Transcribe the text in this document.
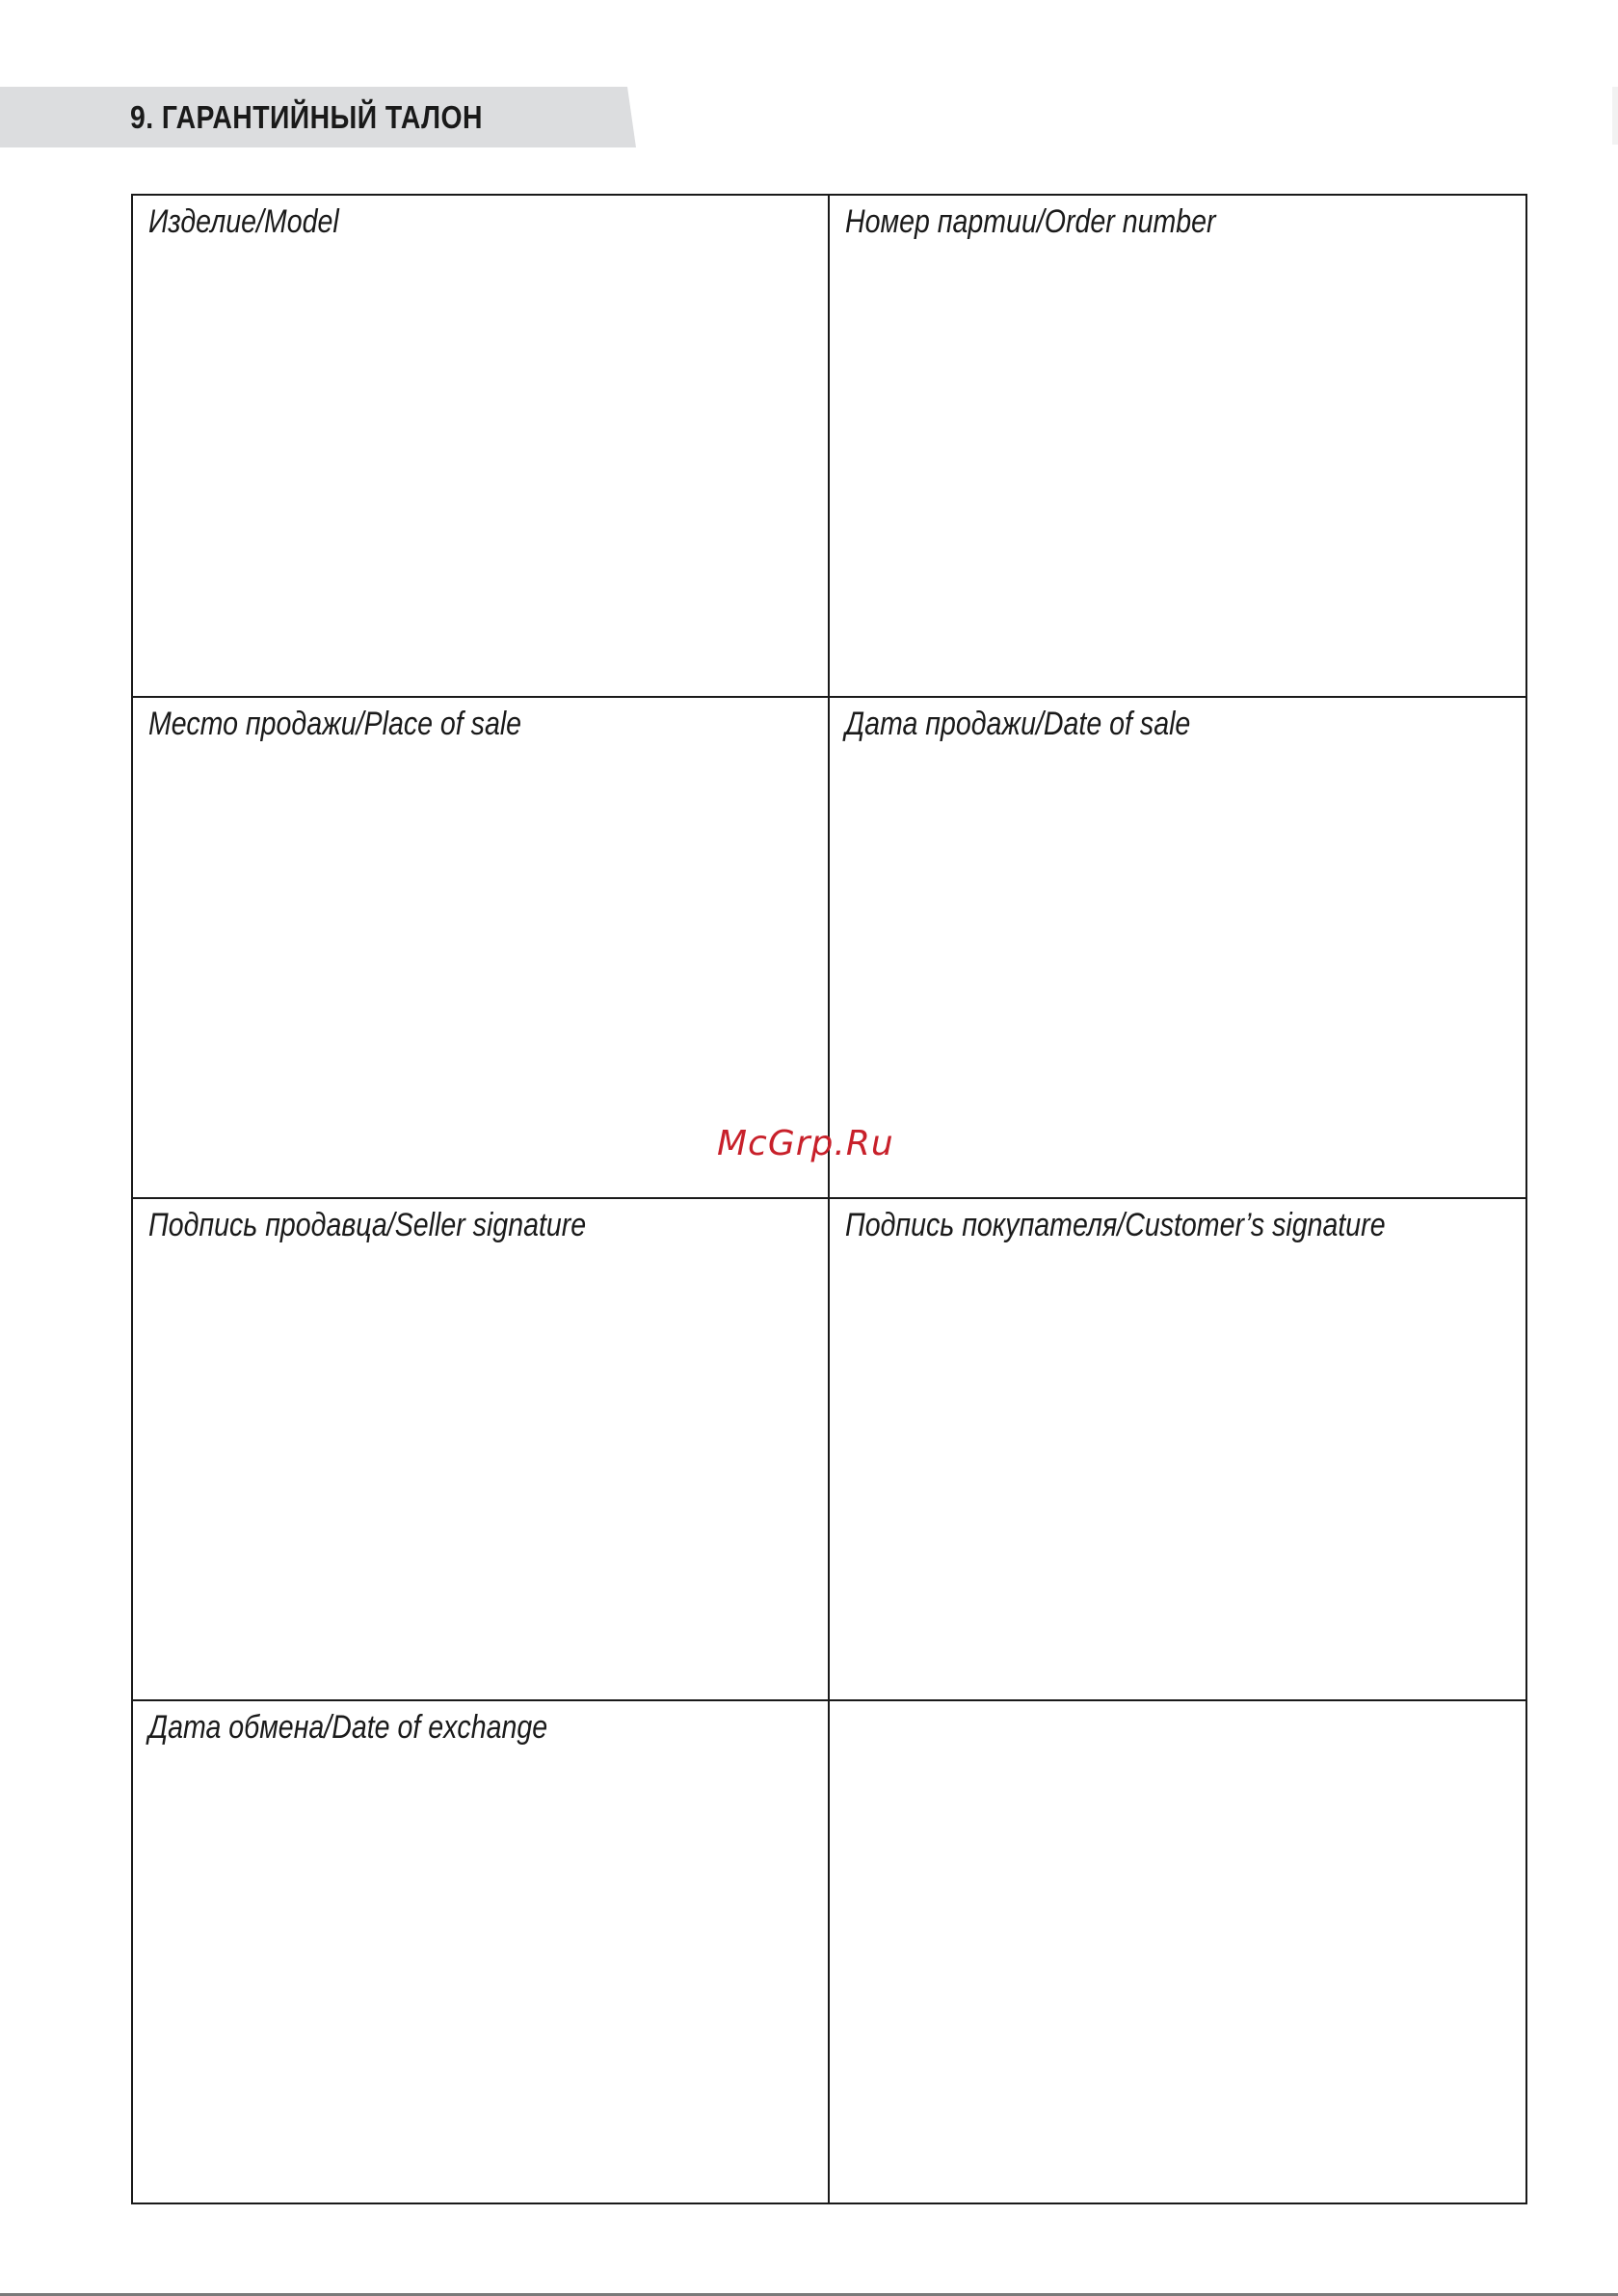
9. ГАРАНТИЙНЫЙ ТАЛОН
Изделие/Model	Номер партии/Order number
Место продажи/Place of sale	Дата продажи/Date of sale
Подпись продавца/Seller signature	Подпись покупателя/Customer’s signature
Дата обмена/Date of exchange
McGrp.Ru
